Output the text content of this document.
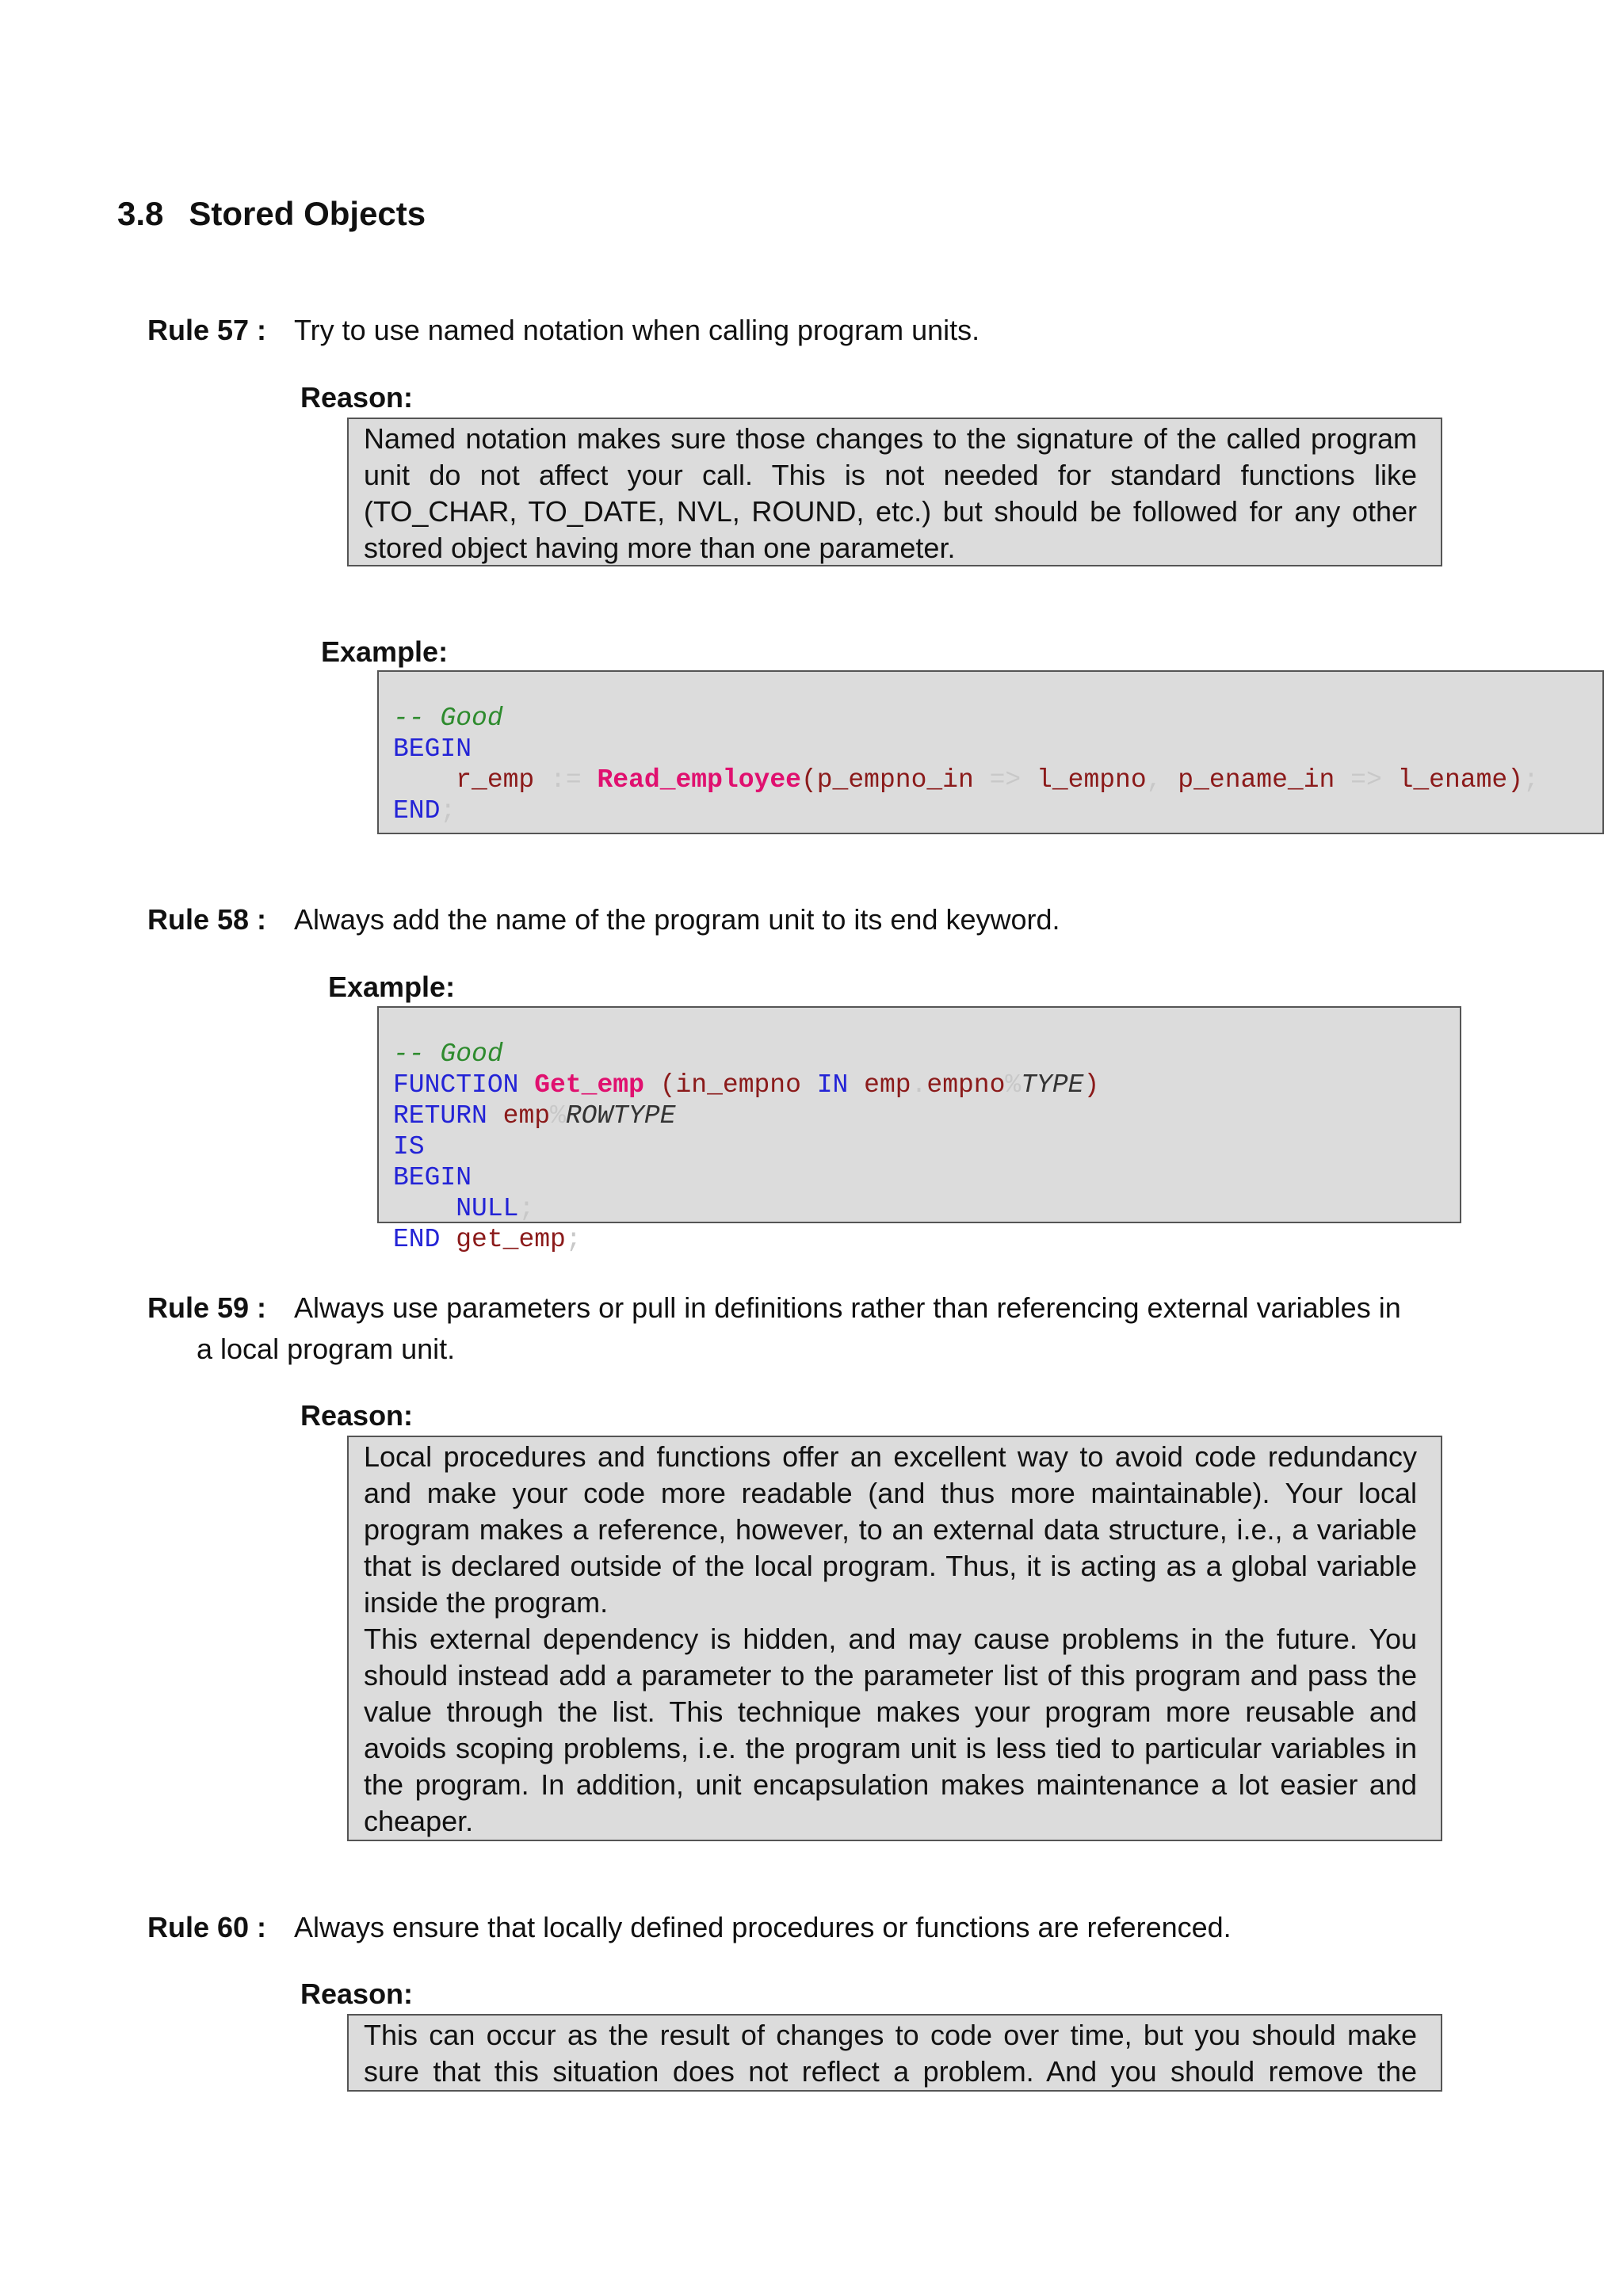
3.8 Stored Objects
Rule 57 : Try to use named notation when calling program units.
Reason:

Named notation makes sure those changes to the signature of the called program unit do not affect your call. This is not needed for standard functions like (TO_CHAR, TO_DATE, NVL, ROUND, etc.) but should be followed for any other stored object having more than one parameter.

Example:

-- Good
BEGIN
r_emp := Read_employee(p_empno_in => l_empno, p_ename_in => l_ename);
END;
Rule 58 : Always add the name of the program unit to its end keyword.
Example:

-- Good
FUNCTION Get_emp (in_empno IN emp.empno%TYPE)
RETURN emp%ROWTYPE
IS
BEGIN
NULL;
END get_emp;
Rule 59 : Always use parameters or pull in definitions rather than referencing external variables in
a local program unit.
Reason:

Local procedures and functions offer an excellent way to avoid code redundancy and make your code more readable (and thus more maintainable). Your local program makes a reference, however, to an external data structure, i.e., a variable that is declared outside of the local program. Thus, it is acting as a global variable inside the program.

This external dependency is hidden, and may cause problems in the future. You should instead add a parameter to the parameter list of this program and pass the value through the list. This technique makes your program more reusable and avoids scoping problems, i.e. the program unit is less tied to particular variables in the program. In addition, unit encapsulation makes maintenance a lot easier and cheaper.

Rule 60 : Always ensure that locally defined procedures or functions are referenced.
Reason:

This can occur as the result of changes to code over time, but you should make sure that this situation does not reflect a problem. And you should remove the
